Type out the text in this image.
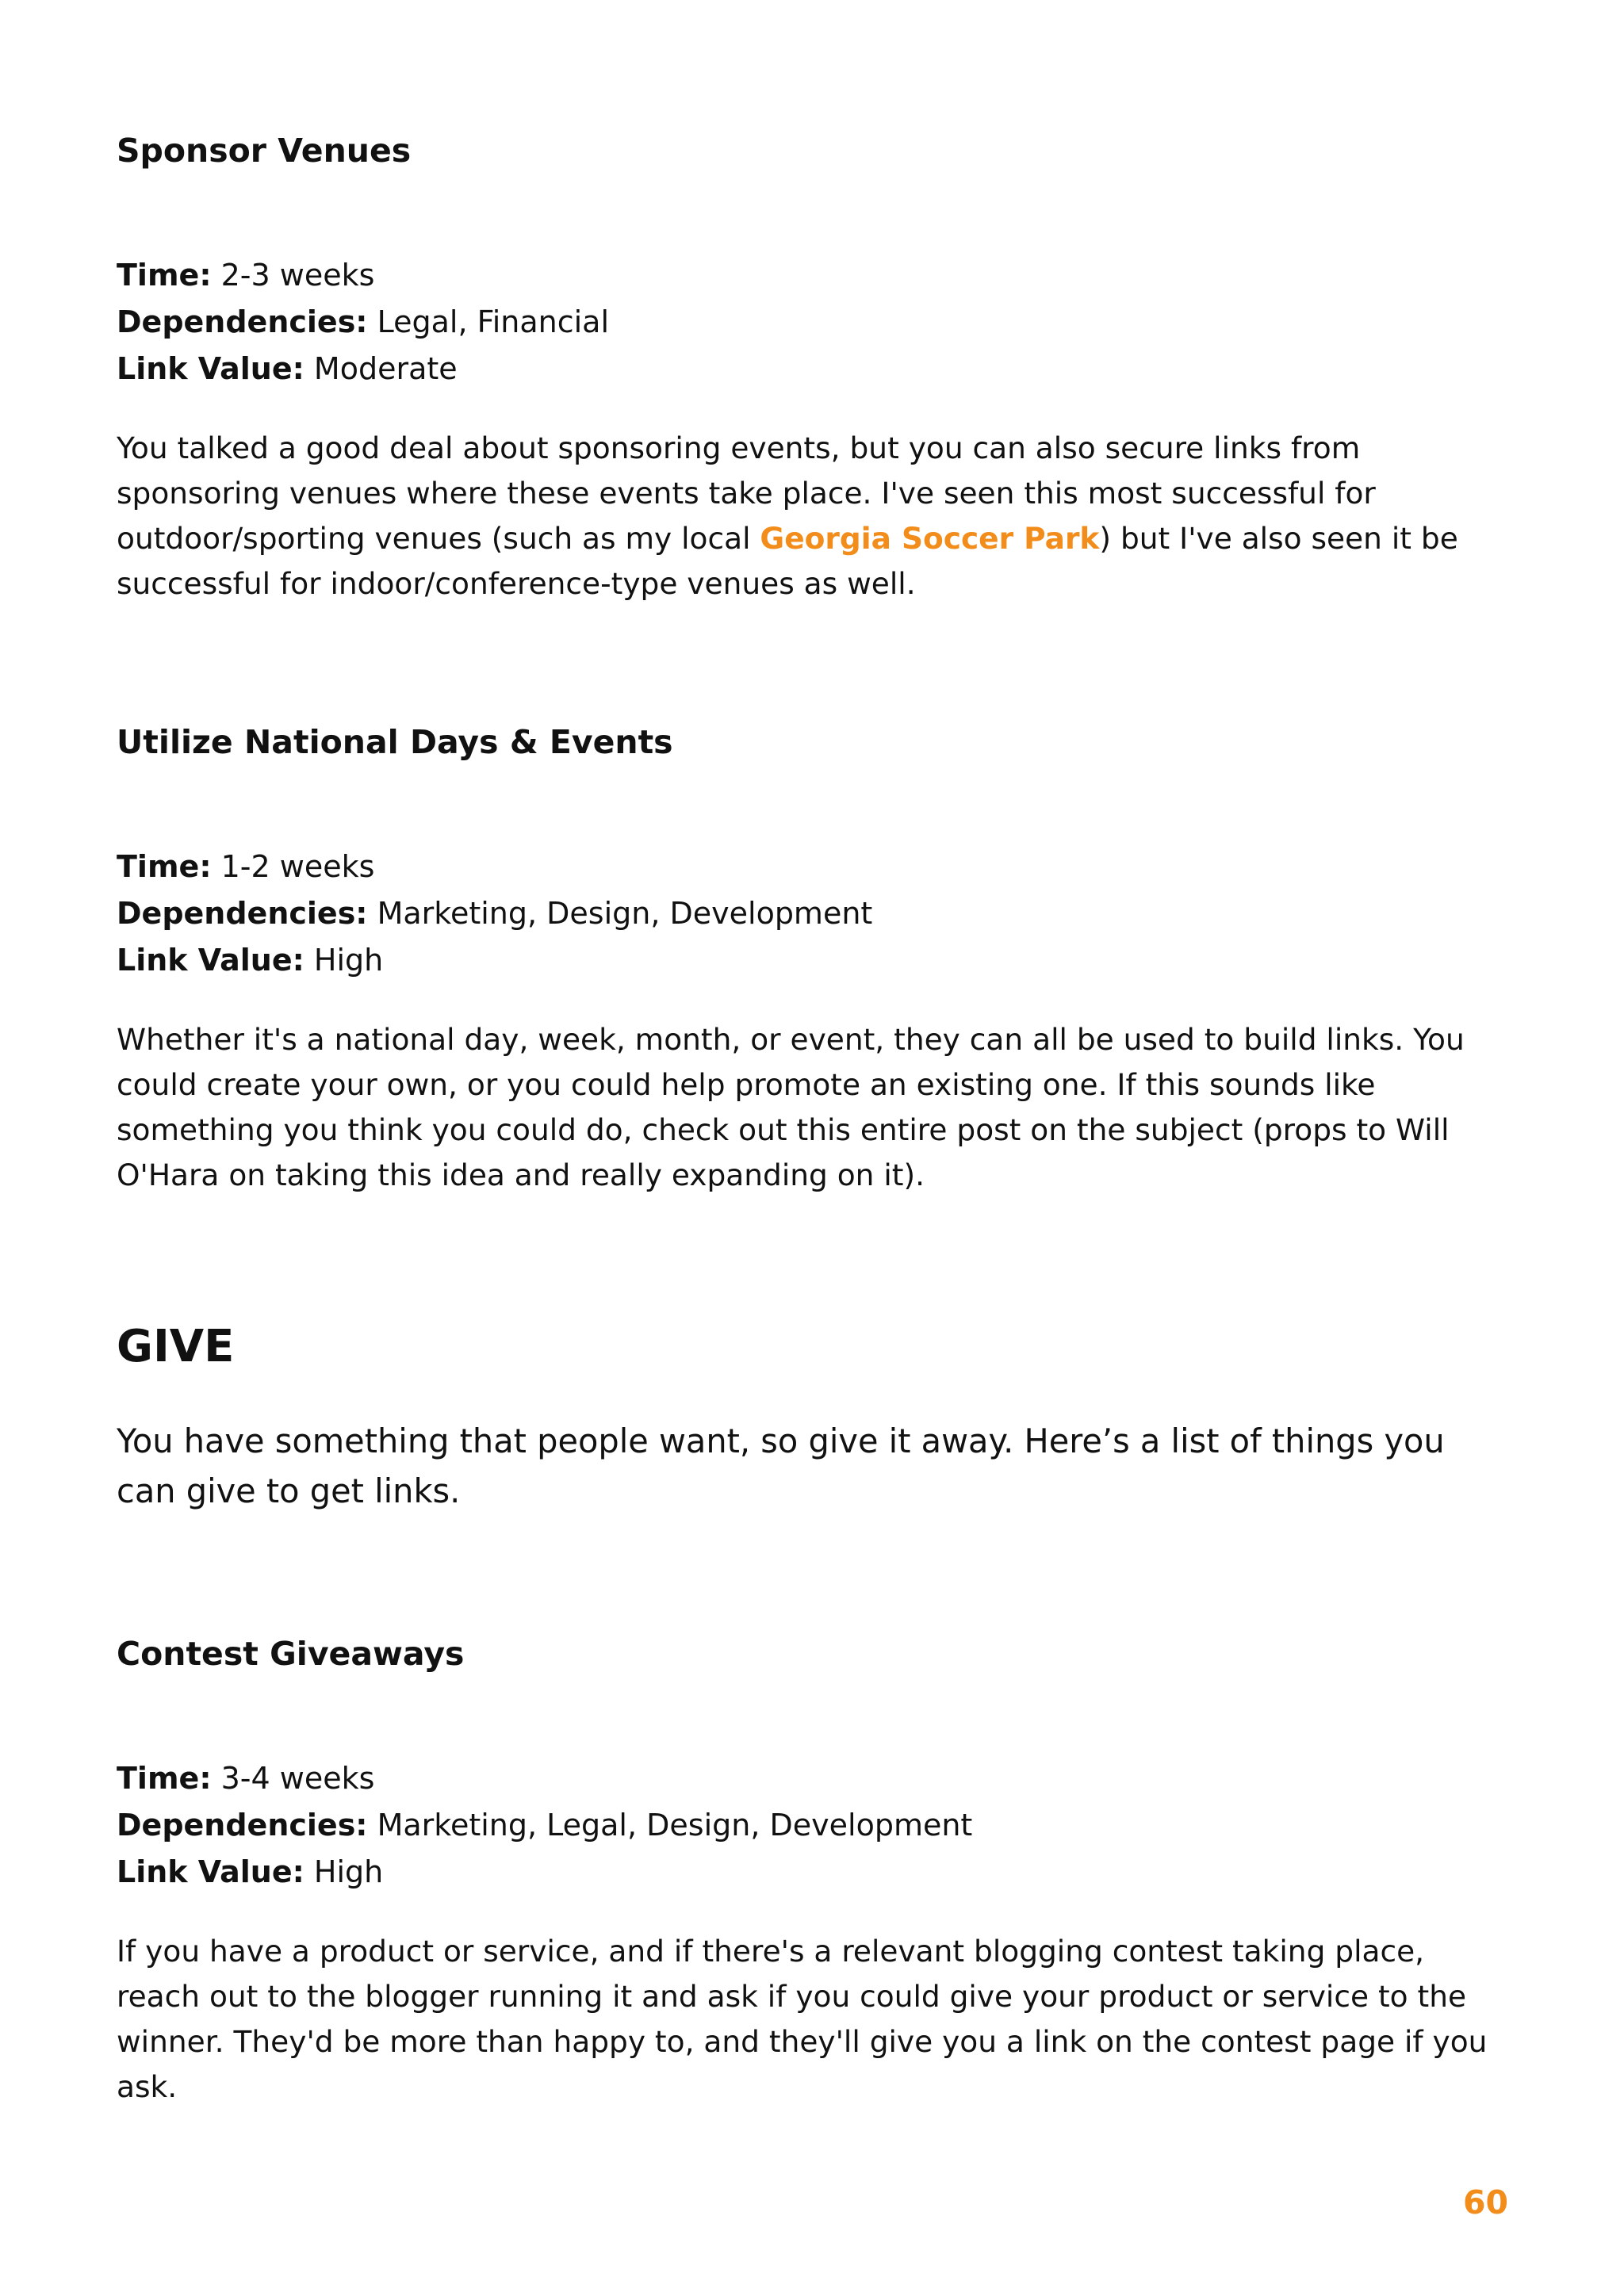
Sponsor Venues
Time: 2-3 weeks
Dependencies: Legal, Financial
Link Value: Moderate

You talked a good deal about sponsoring events, but you can also secure links from sponsoring venues where these events take place. I've seen this most successful for outdoor/sporting venues (such as my local Georgia Soccer Park) but I've also seen it be successful for indoor/conference-type venues as well.

Utilize National Days & Events
Time: 1-2 weeks
Dependencies: Marketing, Design, Development
Link Value: High

Whether it's a national day, week, month, or event, they can all be used to build links. You could create your own, or you could help promote an existing one. If this sounds like something you think you could do, check out this entire post on the subject (props to Will O'Hara on taking this idea and really expanding on it).

GIVE

You have something that people want, so give it away. Here’s a list of things you can give to get links.

Contest Giveaways
Time: 3-4 weeks
Dependencies: Marketing, Legal, Design, Development
Link Value: High

If you have a product or service, and if there's a relevant blogging contest taking place, reach out to the blogger running it and ask if you could give your product or service to the winner. They'd be more than happy to, and they'll give you a link on the contest page if you ask.

60
